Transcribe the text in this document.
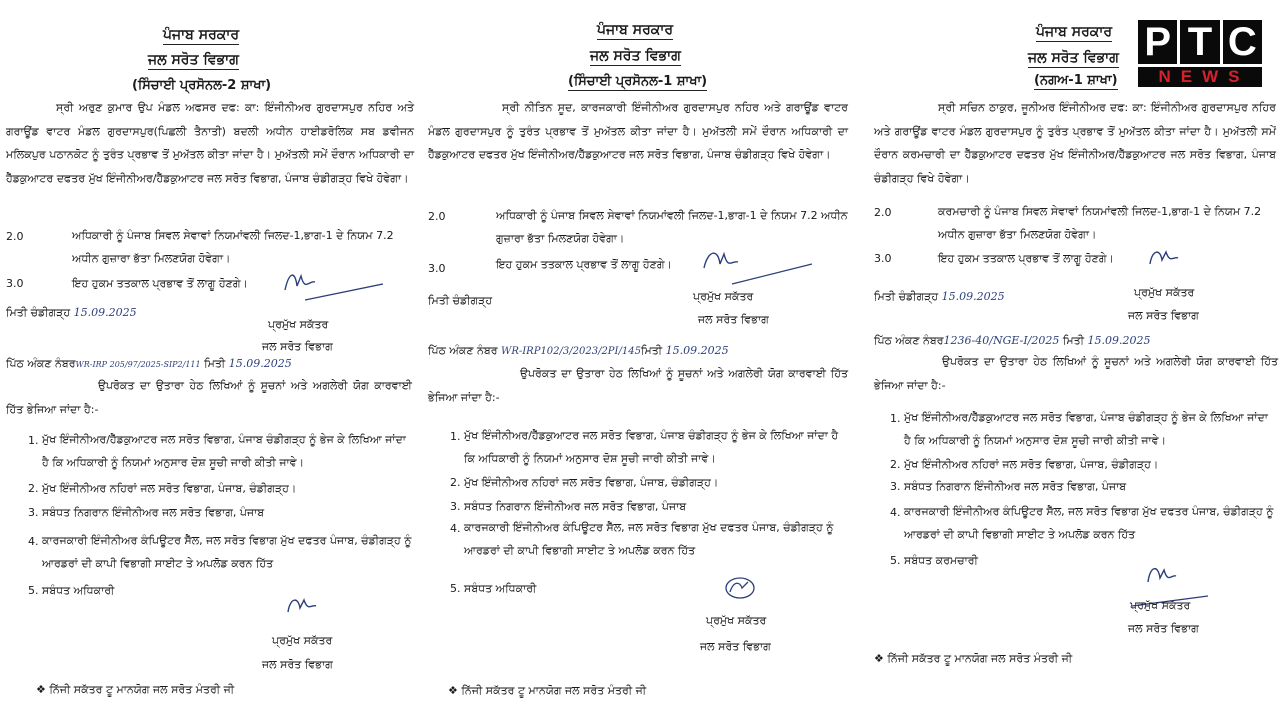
ਪੰਜਾਬ ਸਰਕਾਰ
ਜਲ ਸਰੋਤ ਵਿਭਾਗ
(ਸਿੰਚਾਈ ਪ੍ਰਸੋਨਲ-2 ਸ਼ਾਖਾ)
ਸ੍ਰੀ ਅਰੁਣ ਕੁਮਾਰ ਉਪ ਮੰਡਲ ਅਫਸਰ ਦਫ: ਕਾ: ਇੰਜੀਨੀਅਰ ਗੁਰਦਾਸਪੁਰ ਨਹਿਰ ਅਤੇ ਗਰਾਊਂਡ ਵਾਟਰ ਮੰਡਲ ਗੁਰਦਾਸਪੁਰ(ਪਿਛਲੀ ਤੈਨਾਤੀ) ਬਦਲੀ ਅਧੀਨ ਹਾਈਡਰੋਲਿਕ ਸਬ ਡਵੀਜਨ ਮਲਿਕਪੁਰ ਪਠਾਨਕੋਟ ਨੂੰ ਤੁਰੰਤ ਪ੍ਰਭਾਵ ਤੋਂ ਮੁਅੱਤਲ ਕੀਤਾ ਜਾਂਦਾ ਹੈ। ਮੁਅੱਤਲੀ ਸਮੇਂ ਦੌਰਾਨ ਅਧਿਕਾਰੀ ਦਾ ਹੈੱਡਕੁਆਟਰ ਦਫਤਰ ਮੁੱਖ ਇੰਜੀਨੀਅਰ/ਹੈੱਡਕੁਆਟਰ ਜਲ ਸਰੋਤ ਵਿਭਾਗ, ਪੰਜਾਬ ਚੰਡੀਗੜ੍ਹ ਵਿਖੇ ਹੋਵੇਗਾ।
2.0	ਅਧਿਕਾਰੀ ਨੂੰ ਪੰਜਾਬ ਸਿਵਲ ਸੇਵਾਵਾਂ ਨਿਯਮਾਂਵਲੀ ਜਿਲਦ-1,ਭਾਗ-1 ਦੇ ਨਿਯਮ 7.2 ਅਧੀਨ ਗੁਜ਼ਾਰਾ ਭੱਤਾ ਮਿਲਣਯੋਗ ਹੋਵੇਗਾ।
3.0	ਇਹ ਹੁਕਮ ਤਤਕਾਲ ਪ੍ਰਭਾਵ ਤੋਂ ਲਾਗੂ ਹੋਣਗੇ।
ਮਿਤੀ ਚੰਡੀਗੜ੍ਹ 15.09.2025
ਪ੍ਰਮੁੱਖ ਸਕੱਤਰ
ਜਲ ਸਰੋਤ ਵਿਭਾਗ
ਪਿੱਠ ਅੰਕਣ ਨੰਬਰWR-IRP 205/97/2025-SIP2/111 ਮਿਤੀ 15.09.2025
ਉਪਰੋਕਤ ਦਾ ਉਤਾਰਾ ਹੇਠ ਲਿਖਿਆਂ ਨੂੰ ਸੂਚਨਾਂ ਅਤੇ ਅਗਲੇਰੀ ਯੋਗ ਕਾਰਵਾਈ ਹਿੱਤ ਭੇਜਿਆ ਜਾਂਦਾ ਹੈ:-
1. ਮੁੱਖ ਇੰਜੀਨੀਅਰ/ਹੈੱਡਕੁਆਟਰ ਜਲ ਸਰੋਤ ਵਿਭਾਗ, ਪੰਜਾਬ ਚੰਡੀਗੜ੍ਹ ਨੂੰ ਭੇਜ ਕੇ ਲਿਖਿਆ ਜਾਂਦਾ ਹੈ ਕਿ ਅਧਿਕਾਰੀ ਨੂੰ ਨਿਯਮਾਂ ਅਨੁਸਾਰ ਦੋਸ਼ ਸੂਚੀ ਜਾਰੀ ਕੀਤੀ ਜਾਵੇ।
2. ਮੁੱਖ ਇੰਜੀਨੀਅਰ ਨਹਿਰਾਂ ਜਲ ਸਰੋਤ ਵਿਭਾਗ, ਪੰਜਾਬ, ਚੰਡੀਗੜ੍ਹ।
3. ਸਬੰਧਤ ਨਿਗਰਾਨ ਇੰਜੀਨੀਅਰ ਜਲ ਸਰੋਤ ਵਿਭਾਗ, ਪੰਜਾਬ
4. ਕਾਰਜਕਾਰੀ ਇੰਜੀਨੀਅਰ ਕੰਪਿਊਟਰ ਸੈੱਲ, ਜਲ ਸਰੋਤ ਵਿਭਾਗ ਮੁੱਖ ਦਫਤਰ ਪੰਜਾਬ, ਚੰਡੀਗੜ੍ਹ ਨੂੰ ਆਰਡਰਾਂ ਦੀ ਕਾਪੀ ਵਿਭਾਗੀ ਸਾਈਟ ਤੇ ਅਪਲੋਡ ਕਰਨ ਹਿੱਤ
5. ਸਬੰਧਤ ਅਧਿਕਾਰੀ
ਪ੍ਰਮੁੱਖ ਸਕੱਤਰ
ਜਲ ਸਰੋਤ ਵਿਭਾਗ
❖ ਨਿੱਜੀ ਸਕੱਤਰ ਟੂ ਮਾਨਯੋਗ ਜਲ ਸਰੋਤ ਮੰਤਰੀ ਜੀ
ਪੰਜਾਬ ਸਰਕਾਰ
ਜਲ ਸਰੋਤ ਵਿਭਾਗ
(ਸਿੰਚਾਈ ਪ੍ਰਸੋਨਲ-1 ਸ਼ਾਖਾ)
ਸ੍ਰੀ ਨੀਤਿਨ ਸੂਦ, ਕਾਰਜਕਾਰੀ ਇੰਜੀਨੀਅਰ ਗੁਰਦਾਸਪੁਰ ਨਹਿਰ ਅਤੇ ਗਰਾਊਂਡ ਵਾਟਰ ਮੰਡਲ ਗੁਰਦਾਸਪੁਰ ਨੂੰ ਤੁਰੰਤ ਪ੍ਰਭਾਵ ਤੋਂ ਮੁਅੱਤਲ ਕੀਤਾ ਜਾਂਦਾ ਹੈ। ਮੁਅੱਤਲੀ ਸਮੇਂ ਦੌਰਾਨ ਅਧਿਕਾਰੀ ਦਾ ਹੈੱਡਕੁਆਟਰ ਦਫਤਰ ਮੁੱਖ ਇੰਜੀਨੀਅਰ/ਹੈੱਡਕੁਆਟਰ ਜਲ ਸਰੋਤ ਵਿਭਾਗ, ਪੰਜਾਬ ਚੰਡੀਗੜ੍ਹ ਵਿਖੇ ਹੋਵੇਗਾ।
2.0	ਅਧਿਕਾਰੀ ਨੂੰ ਪੰਜਾਬ ਸਿਵਲ ਸੇਵਾਵਾਂ ਨਿਯਮਾਂਵਲੀ ਜਿਲਦ-1,ਭਾਗ-1 ਦੇ ਨਿਯਮ 7.2 ਅਧੀਨ ਗੁਜ਼ਾਰਾ ਭੱਤਾ ਮਿਲਣਯੋਗ ਹੋਵੇਗਾ।
3.0	ਇਹ ਹੁਕਮ ਤਤਕਾਲ ਪ੍ਰਭਾਵ ਤੋਂ ਲਾਗੂ ਹੋਣਗੇ।
ਮਿਤੀ ਚੰਡੀਗੜ੍ਹ	ਪ੍ਰਮੁੱਖ ਸਕੱਤਰ
ਜਲ ਸਰੋਤ ਵਿਭਾਗ
ਪਿੱਠ ਅੰਕਣ ਨੰਬਰ WR-IRP102/3/2023/2PI/145ਮਿਤੀ 15.09.2025
ਉਪਰੋਕਤ ਦਾ ਉਤਾਰਾ ਹੇਠ ਲਿਖਿਆਂ ਨੂੰ ਸੂਚਨਾਂ ਅਤੇ ਅਗਲੇਰੀ ਯੋਗ ਕਾਰਵਾਈ ਹਿੱਤ ਭੇਜਿਆ ਜਾਂਦਾ ਹੈ:-
1. ਮੁੱਖ ਇੰਜੀਨੀਅਰ/ਹੈੱਡਕੁਆਟਰ ਜਲ ਸਰੋਤ ਵਿਭਾਗ, ਪੰਜਾਬ ਚੰਡੀਗੜ੍ਹ ਨੂੰ ਭੇਜ ਕੇ ਲਿਖਿਆ ਜਾਂਦਾ ਹੈ ਕਿ ਅਧਿਕਾਰੀ ਨੂੰ ਨਿਯਮਾਂ ਅਨੁਸਾਰ ਦੋਸ਼ ਸੂਚੀ ਜਾਰੀ ਕੀਤੀ ਜਾਵੇ।
2. ਮੁੱਖ ਇੰਜੀਨੀਅਰ ਨਹਿਰਾਂ ਜਲ ਸਰੋਤ ਵਿਭਾਗ, ਪੰਜਾਬ, ਚੰਡੀਗੜ੍ਹ।
3. ਸਬੰਧਤ ਨਿਗਰਾਨ ਇੰਜੀਨੀਅਰ ਜਲ ਸਰੋਤ ਵਿਭਾਗ, ਪੰਜਾਬ
4. ਕਾਰਜਕਾਰੀ ਇੰਜੀਨੀਅਰ ਕੰਪਿਊਟਰ ਸੈੱਲ, ਜਲ ਸਰੋਤ ਵਿਭਾਗ ਮੁੱਖ ਦਫਤਰ ਪੰਜਾਬ, ਚੰਡੀਗੜ੍ਹ ਨੂੰ ਆਰਡਰਾਂ ਦੀ ਕਾਪੀ ਵਿਭਾਗੀ ਸਾਈਟ ਤੇ ਅਪਲੋਡ ਕਰਨ ਹਿੱਤ
5. ਸਬੰਧਤ ਅਧਿਕਾਰੀ
ਪ੍ਰਮੁੱਖ ਸਕੱਤਰ
ਜਲ ਸਰੋਤ ਵਿਭਾਗ
❖ ਨਿੱਜੀ ਸਕੱਤਰ ਟੂ ਮਾਨਯੋਗ ਜਲ ਸਰੋਤ ਮੰਤਰੀ ਜੀ
ਪੰਜਾਬ ਸਰਕਾਰ
ਜਲ ਸਰੋਤ ਵਿਭਾਗ
(ਨਗਅ-1 ਸ਼ਾਖਾ)
ਸ੍ਰੀ ਸਚਿਨ ਠਾਕੁਰ, ਜੂਨੀਅਰ ਇੰਜੀਨੀਅਰ ਦਫ: ਕਾ: ਇੰਜੀਨੀਅਰ ਗੁਰਦਾਸਪੁਰ ਨਹਿਰ ਅਤੇ ਗਰਾਊਂਡ ਵਾਟਰ ਮੰਡਲ ਗੁਰਦਾਸਪੁਰ ਨੂੰ ਤੁਰੰਤ ਪ੍ਰਭਾਵ ਤੋਂ ਮੁਅੱਤਲ ਕੀਤਾ ਜਾਂਦਾ ਹੈ। ਮੁਅੱਤਲੀ ਸਮੇਂ ਦੌਰਾਨ ਕਰਮਚਾਰੀ ਦਾ ਹੈੱਡਕੁਆਟਰ ਦਫਤਰ ਮੁੱਖ ਇੰਜੀਨੀਅਰ/ਹੈੱਡਕੁਆਟਰ ਜਲ ਸਰੋਤ ਵਿਭਾਗ, ਪੰਜਾਬ ਚੰਡੀਗੜ੍ਹ ਵਿਖੇ ਹੋਵੇਗਾ।
2.0	ਕਰਮਚਾਰੀ ਨੂੰ ਪੰਜਾਬ ਸਿਵਲ ਸੇਵਾਵਾਂ ਨਿਯਮਾਂਵਲੀ ਜਿਲਦ-1,ਭਾਗ-1 ਦੇ ਨਿਯਮ 7.2 ਅਧੀਨ ਗੁਜ਼ਾਰਾ ਭੱਤਾ ਮਿਲਣਯੋਗ ਹੋਵੇਗਾ।
3.0	ਇਹ ਹੁਕਮ ਤਤਕਾਲ ਪ੍ਰਭਾਵ ਤੋਂ ਲਾਗੂ ਹੋਣਗੇ।
ਮਿਤੀ ਚੰਡੀਗੜ੍ਹ 15.09.2025	ਪ੍ਰਮੁੱਖ ਸਕੱਤਰ
ਜਲ ਸਰੋਤ ਵਿਭਾਗ
ਪਿੱਠ ਅੰਕਣ ਨੰਬਰ1236-40/NGE-I/2025 ਮਿਤੀ 15.09.2025
ਉਪਰੋਕਤ ਦਾ ਉਤਾਰਾ ਹੇਠ ਲਿਖਿਆਂ ਨੂੰ ਸੂਚਨਾਂ ਅਤੇ ਅਗਲੇਰੀ ਯੋਗ ਕਾਰਵਾਈ ਹਿੱਤ ਭੇਜਿਆ ਜਾਂਦਾ ਹੈ:-
1. ਮੁੱਖ ਇੰਜੀਨੀਅਰ/ਹੈੱਡਕੁਆਟਰ ਜਲ ਸਰੋਤ ਵਿਭਾਗ, ਪੰਜਾਬ ਚੰਡੀਗੜ੍ਹ ਨੂੰ ਭੇਜ ਕੇ ਲਿਖਿਆ ਜਾਂਦਾ ਹੈ ਕਿ ਅਧਿਕਾਰੀ ਨੂੰ ਨਿਯਮਾਂ ਅਨੁਸਾਰ ਦੋਸ਼ ਸੂਚੀ ਜਾਰੀ ਕੀਤੀ ਜਾਵੇ।
2. ਮੁੱਖ ਇੰਜੀਨੀਅਰ ਨਹਿਰਾਂ ਜਲ ਸਰੋਤ ਵਿਭਾਗ, ਪੰਜਾਬ, ਚੰਡੀਗੜ੍ਹ।
3. ਸਬੰਧਤ ਨਿਗਰਾਨ ਇੰਜੀਨੀਅਰ ਜਲ ਸਰੋਤ ਵਿਭਾਗ, ਪੰਜਾਬ
4. ਕਾਰਜਕਾਰੀ ਇੰਜੀਨੀਅਰ ਕੰਪਿਊਟਰ ਸੈੱਲ, ਜਲ ਸਰੋਤ ਵਿਭਾਗ ਮੁੱਖ ਦਫਤਰ ਪੰਜਾਬ, ਚੰਡੀਗੜ੍ਹ ਨੂੰ ਆਰਡਰਾਂ ਦੀ ਕਾਪੀ ਵਿਭਾਗੀ ਸਾਈਟ ਤੇ ਅਪਲੋਡ ਕਰਨ ਹਿੱਤ
5. ਸਬੰਧਤ ਕਰਮਚਾਰੀ
ਪ੍ਰਮੁੱਖ ਸਕੱਤਰ
ਜਲ ਸਰੋਤ ਵਿਭਾਗ
❖ ਨਿੱਜੀ ਸਕੱਤਰ ਟੂ ਮਾਨਯੋਗ ਜਲ ਸਰੋਤ ਮੰਤਰੀ ਜੀ
P T C
NEWS
